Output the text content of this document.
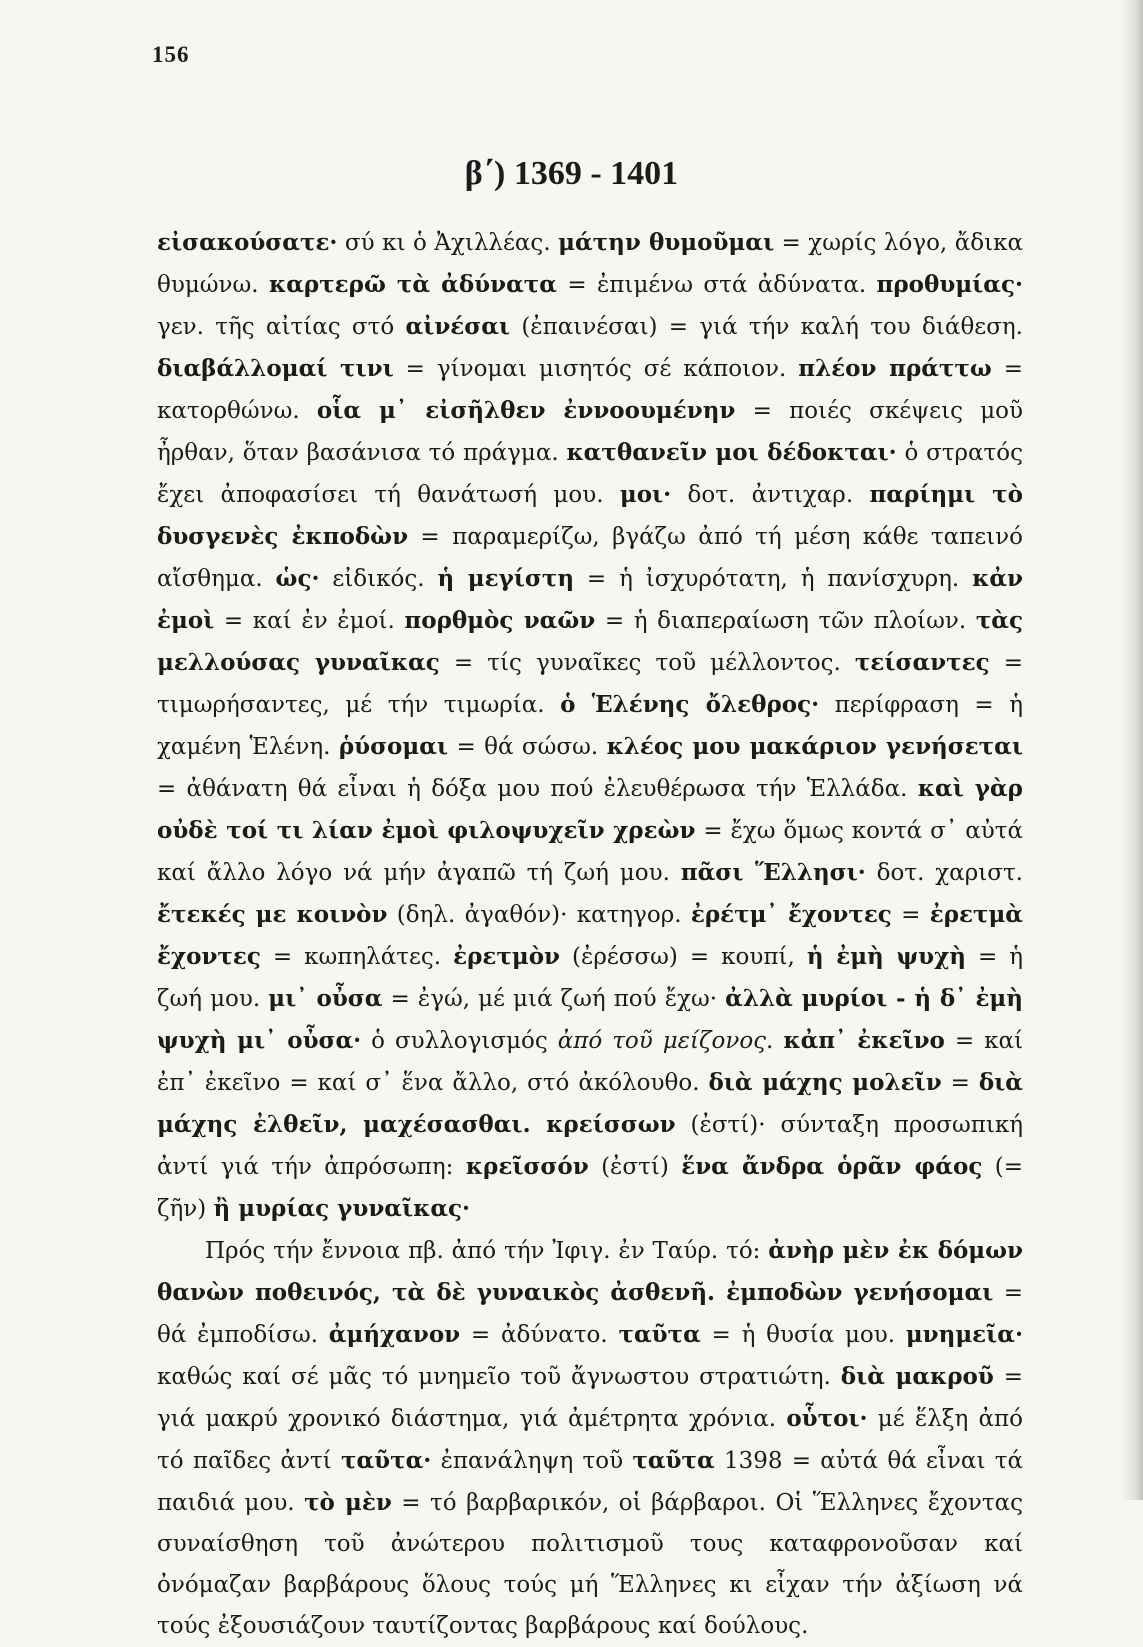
156
β΄) 1369 - 1401

εἰσακούσατε· σύ κι ὁ Ἀχιλλέας. μάτην θυμοῦμαι = χωρίς λόγο, ἄδικα θυμώνω. καρτερῶ τὰ ἀδύνατα = ἐπιμένω στά ἀδύνατα. προθυμίας· γεν. τῆς αἰτίας στό αἰνέσαι (ἐπαινέσαι) = γιά τήν καλή του διάθεση. διαβάλλομαί τινι = γίνομαι μισητός σέ κάποιον. πλέον πράττω = κατορθώνω. οἷα μ᾿ εἰσῆλθεν ἐννοουμένην = ποιές σκέψεις μοῦ ἦρθαν, ὅταν βασάνισα τό πράγμα. κατθανεῖν μοι δέδοκται· ὁ στρατός ἔχει ἀποφασίσει τή θανάτωσή μου. μοι· δοτ. ἀντιχαρ. παρίημι τὸ δυσγενὲς ἐκποδὼν = παραμερίζω, βγάζω ἀπό τή μέση κάθε ταπεινό αἴσθημα. ὡς· εἰδικός. ἡ μεγίστη = ἡ ἰσχυρότατη, ἡ πανίσχυρη. κἀν ἐμοὶ = καί ἐν ἐμοί. πορθμὸς ναῶν = ἡ διαπεραίωση τῶν πλοίων. τὰς μελλούσας γυναῖκας = τίς γυναῖκες τοῦ μέλλοντος. τείσαντες = τιμωρήσαντες, μέ τήν τιμωρία. ὁ Ἑλένης ὄλεθρος· περίφραση = ἡ χαμένη Ἑλένη. ῥύσομαι = θά σώσω. κλέος μου μακάριον γενήσεται = ἀθάνατη θά εἶναι ἡ δόξα μου πού ἐλευθέρωσα τήν Ἑλλάδα. καὶ γὰρ οὐδὲ τοί τι λίαν ἐμοὶ φιλοψυχεῖν χρεὼν = ἔχω ὅμως κοντά σ᾿ αὐτά καί ἄλλο λόγο νά μήν ἀγαπῶ τή ζωή μου. πᾶσι Ἕλλησι· δοτ. χαριστ. ἔτεκές με κοινὸν (δηλ. ἀγαθόν)· κατηγορ. ἐρέτμ᾿ ἔχοντες = ἐρετμὰ ἔχοντες = κωπηλάτες. ἐρετμὸν (ἐρέσσω) = κουπί, ἡ ἐμὴ ψυχὴ = ἡ ζωή μου. μι᾿ οὖσα = ἐγώ, μέ μιά ζωή πού ἔχω· ἀλλὰ μυρίοι - ἡ δ᾿ ἐμὴ ψυχὴ μι᾿ οὖσα· ὁ συλλογισμός ἀπό τοῦ μείζονος. κἀπ᾿ ἐκεῖνο = καί ἐπ᾿ ἐκεῖνο = καί σ᾿ ἕνα ἄλλο, στό ἀκόλουθο. διὰ μάχης μολεῖν = διὰ μάχης ἐλθεῖν, μαχέσασθαι. κρείσσων (ἐστί)· σύνταξη προσωπική ἀντί γιά τήν ἀπρόσωπη: κρεῖσσόν (ἐστί) ἕνα ἄνδρα ὁρᾶν φάος (= ζῆν) ἢ μυρίας γυναῖκας·

Πρός τήν ἔννοια πβ. ἀπό τήν Ἰφιγ. ἐν Ταύρ. τό: ἀνὴρ μὲν ἐκ δόμων θανὼν ποθεινός, τὰ δὲ γυναικὸς ἀσθενῆ. ἐμποδὼν γενήσομαι = θά ἐμποδίσω. ἀμήχανον = ἀδύνατο. ταῦτα = ἡ θυσία μου. μνημεῖα· καθώς καί σέ μᾶς τό μνημεῖο τοῦ ἄγνωστου στρατιώτη. διὰ μακροῦ = γιά μακρύ χρονικό διάστημα, γιά ἀμέτρητα χρόνια. οὗτοι· μέ ἕλξη ἀπό τό παῖδες ἀντί ταῦτα· ἐπανάληψη τοῦ ταῦτα 1398 = αὐτά θά εἶναι τά παιδιά μου. τὸ μὲν = τό βαρβαρικόν, οἱ βάρβαροι. Οἱ Ἕλληνες ἔχοντας συναίσθηση τοῦ ἀνώτερου πολιτισμοῦ τους καταφρονοῦσαν καί ὀνόμαζαν βαρβάρους ὅλους τούς μή Ἕλληνες κι εἶχαν τήν ἀξίωση νά τούς ἐξουσιάζουν ταυτίζοντας βαρβάρους καί δούλους.
